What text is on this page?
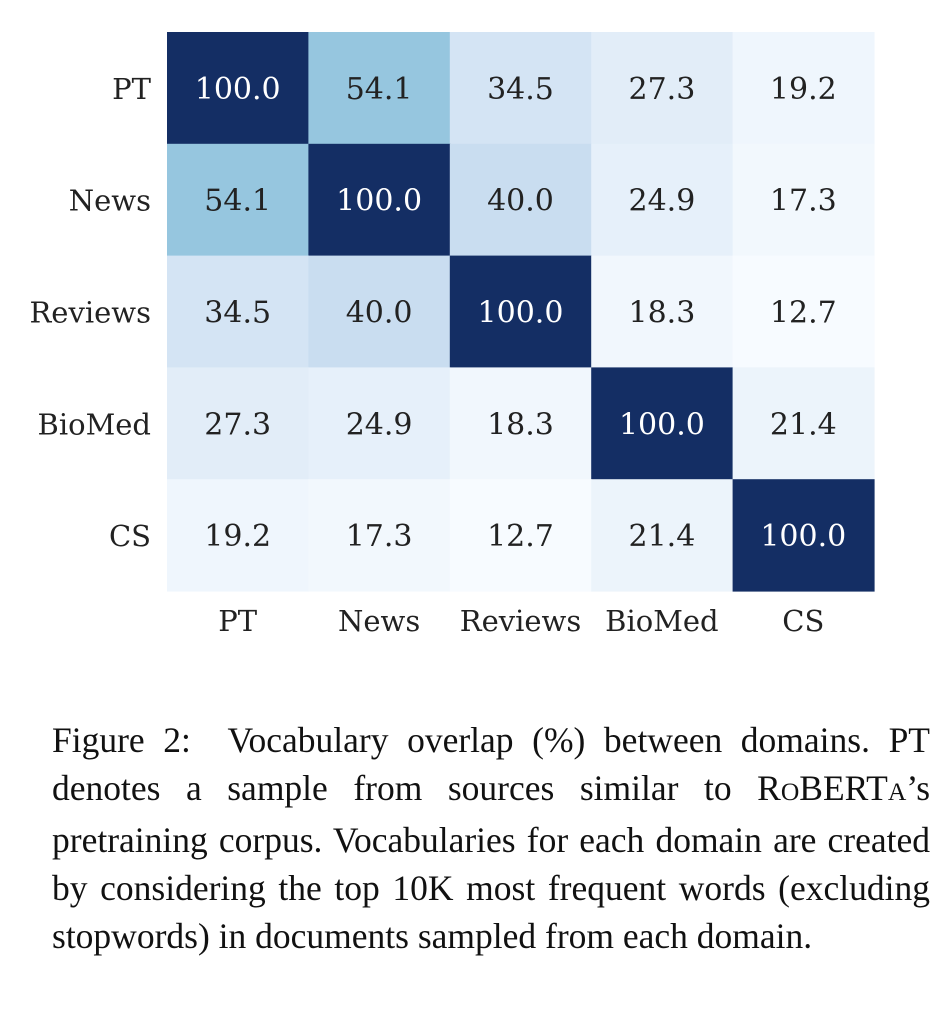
100.0 54.1 34.5 27.3 19.2
54.1 100.0 40.0 24.9 17.3
34.5 40.0 100.0 18.3 12.7
27.3 24.9 18.3 100.0 21.4
19.2 17.3 12.7 21.4 100.0
PT
News
Reviews
BioMed
CS
PT	News Reviews BioMed CS

Figure 2: Vocabulary overlap (%) between domains. PT denotes a sample from sources similar to ROBERTA’s pretraining corpus. Vocabularies for each domain are created by considering the top 10K most frequent words (excluding stopwords) in documents sampled from each domain.
